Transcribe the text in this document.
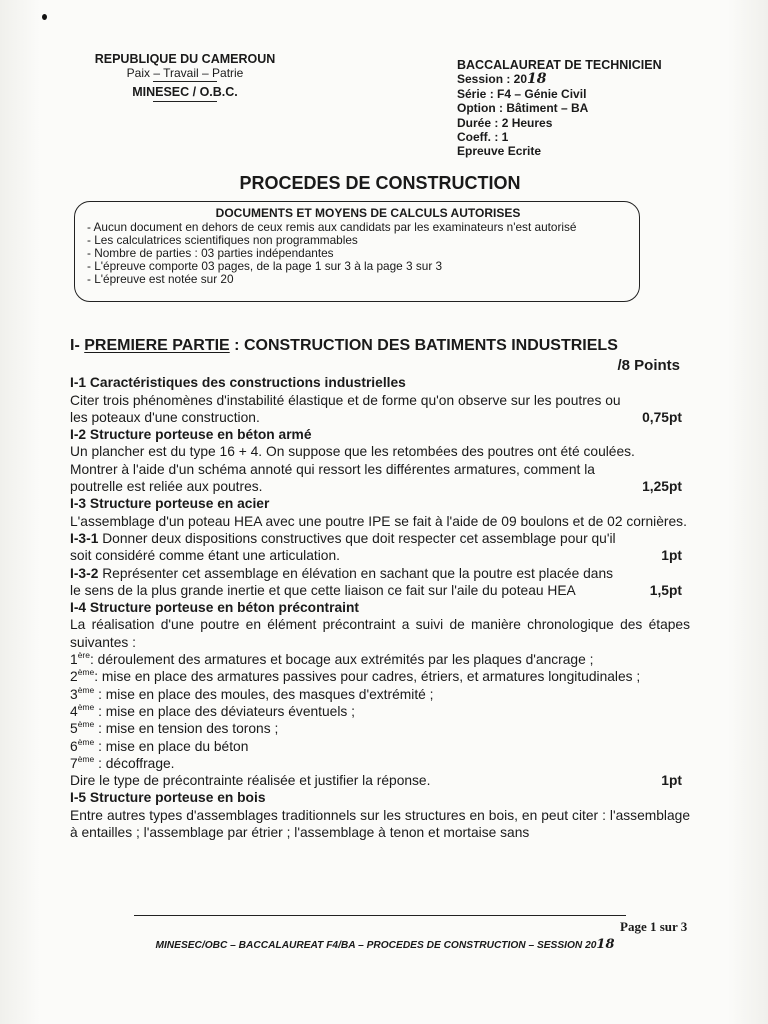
REPUBLIQUE DU CAMEROUN
Paix – Travail – Patrie
MINESEC / O.B.C.
BACCALAUREAT DE TECHNICIEN
Session : 2018
Série : F4 – Génie Civil
Option : Bâtiment – BA
Durée : 2 Heures
Coeff. : 1
Epreuve Ecrite
PROCEDES DE CONSTRUCTION
DOCUMENTS ET MOYENS DE CALCULS AUTORISES
- Aucun document en dehors de ceux remis aux candidats par les examinateurs n'est autorisé
- Les calculatrices scientifiques non programmables
- Nombre de parties : 03 parties indépendantes
- L'épreuve comporte 03 pages, de la page 1 sur 3 à la page 3 sur 3
- L'épreuve est notée sur 20
I- PREMIERE PARTIE : CONSTRUCTION DES BATIMENTS INDUSTRIELS
/8 Points
I-1 Caractéristiques des constructions industrielles
Citer trois phénomènes d'instabilité élastique et de forme qu'on observe sur les poutres ou
les poteaux d'une construction.	0,75pt
I-2 Structure porteuse en béton armé
Un plancher est du type 16 + 4. On suppose que les retombées des poutres ont été coulées.
Montrer à l'aide d'un schéma annoté qui ressort les différentes armatures, comment la
poutrelle est reliée aux poutres.	1,25pt
I-3 Structure porteuse en acier
L'assemblage d'un poteau HEA avec une poutre IPE se fait à l'aide de 09 boulons et de 02 cornières.
I-3-1 Donner deux dispositions constructives que doit respecter cet assemblage pour qu'il
soit considéré comme étant une articulation.	1pt
I-3-2 Représenter cet assemblage en élévation en sachant que la poutre est placée dans
le sens de la plus grande inertie et que cette liaison ce fait sur l'aile du poteau HEA	1,5pt
I-4 Structure porteuse en béton précontraint
La réalisation d'une poutre en élément précontraint a suivi de manière chronologique des étapes suivantes :
1ère: déroulement des armatures et bocage aux extrémités par les plaques d'ancrage ;
2ème: mise en place des armatures passives pour cadres, étriers, et armatures longitudinales ;
3ème : mise en place des moules, des masques d'extrémité ;
4ème : mise en place des déviateurs éventuels ;
5ème : mise en tension des torons ;
6ème : mise en place du béton
7ème : décoffrage.
Dire le type de précontrainte réalisée et justifier la réponse.	1pt
I-5 Structure porteuse en bois
Entre autres types d'assemblages traditionnels sur les structures en bois, en peut citer : l'assemblage à entailles ; l'assemblage par étrier ; l'assemblage à tenon et mortaise sans
Page 1 sur 3
MINESEC/OBC – BACCALAUREAT F4/BA – PROCEDES DE CONSTRUCTION – SESSION 2018
